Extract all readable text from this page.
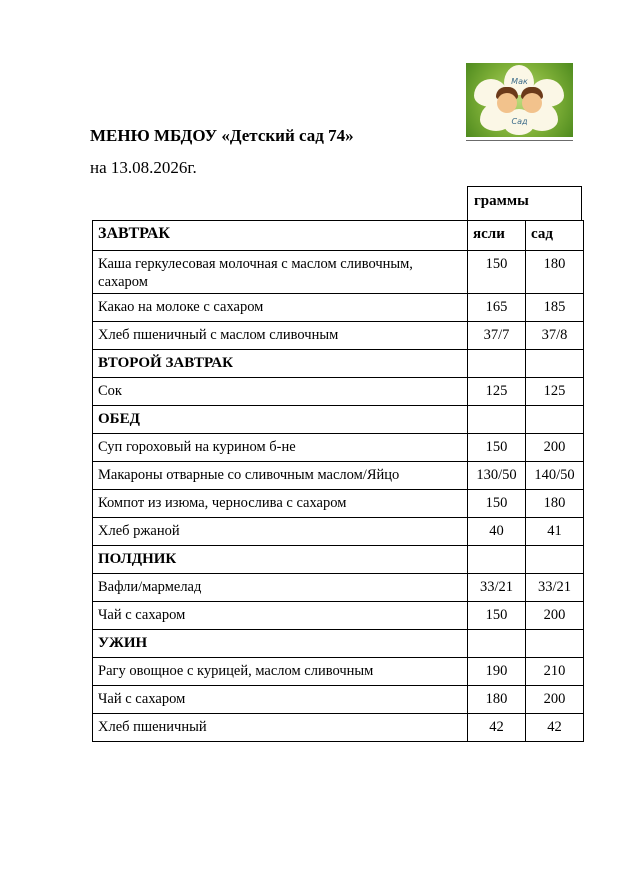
Мак
Сад
МЕНЮ МБДОУ «Детский сад 74»
на 13.08.2026г.
граммы
ЗАВТРАК	ясли	сад
Каша геркулесовая молочная с маслом сливочным, сахаром	150	180
Какао на молоке с сахаром	165	185
Хлеб пшеничный с маслом сливочным	37/7	37/8
ВТОРОЙ ЗАВТРАК		
Сок	125	125
ОБЕД		
Суп гороховый на курином б-не	150	200
Макароны отварные со сливочным маслом/Яйцо	130/50	140/50
Компот из изюма, чернослива с сахаром	150	180
Хлеб ржаной	40	41
ПОЛДНИК		
Вафли/мармелад	33/21	33/21
Чай с сахаром	150	200
УЖИН		
Рагу овощное с курицей, маслом сливочным	190	210
Чай с сахаром	180	200
Хлеб пшеничный	42	42
